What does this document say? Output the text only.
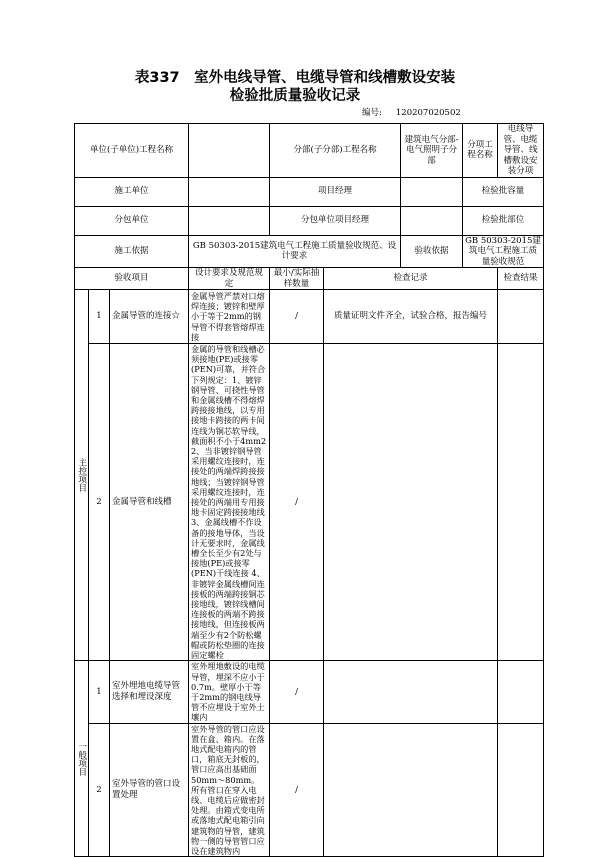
表337　室外电线导管、电缆导管和线槽敷设安装
检验批质量验收记录
编号: 120207020502
单位(子单位)工程名称				分部(子分部)工程名称		建筑电气分部-电气照明子分部	分项工程名称	电线导管、电缆导管、线槽敷设安装分项
施工单位				项目经理			检验批容量	
分包单位				分包单位项目经理			检验批部位	
施工依据			GB 50303-2015建筑电气工程施工质量验收规范、设计要求			验收依据	GB 50303-2015建筑电气工程施工质量验收规范	
验收项目			设计要求及规范规定	最小/实际抽样数量	检查记录			检查结果
主控项目	1	金属导管的连接☆	金属导管严禁对口熔焊连接；镀锌和壁厚小于等于2mm的钢导管不得套管熔焊连接	/	质量证明文件齐全，试验合格，报告编号			
	2	金属导管和线槽	金属的导管和线槽必须接地(PE)或接零(PEN)可靠，并符合下列规定：1、镀锌钢导管、可挠性导管和金属线槽不得熔焊跨接接地线，以专用接地卡跨接的两卡间连线为铜芯软导线，截面积不小于4mm2 2、当非镀锌钢导管采用螺纹连接时，连接处的两端焊跨接接地线；当镀锌钢导管采用螺纹连接时，连接处的两端用专用接地卡固定跨接接地线 3、金属线槽不作设备的接地导体，当设计无要求时，金属线槽全长至少有2处与接地(PE)或接零(PEN)干线连接 4、非镀锌金属线槽间连接板的两端跨接铜芯接地线，镀锌线槽间连接板的两端不跨接接地线，但连接板两端至少有2个防松螺帽或防松垫圈的连接固定螺栓	/				
一般项目	1	室外埋地电缆导管选择和埋设深度	室外埋地敷设的电缆导管，埋深不应小于0.7m。壁厚小于等于2mm的钢电线导管不应埋设于室外土壤内	/				
	2	室外导管的管口设置处理	室外导管的管口应设置在盒、箱内。在落地式配电箱内的管口，箱底无封板的，管口应高出基础面50mm～80mm。所有管口在穿入电线、电缆后应做密封处理。由箱式变电所或落地式配电箱引向建筑物的导管，建筑物一侧的导管管口应设在建筑物内	/				
